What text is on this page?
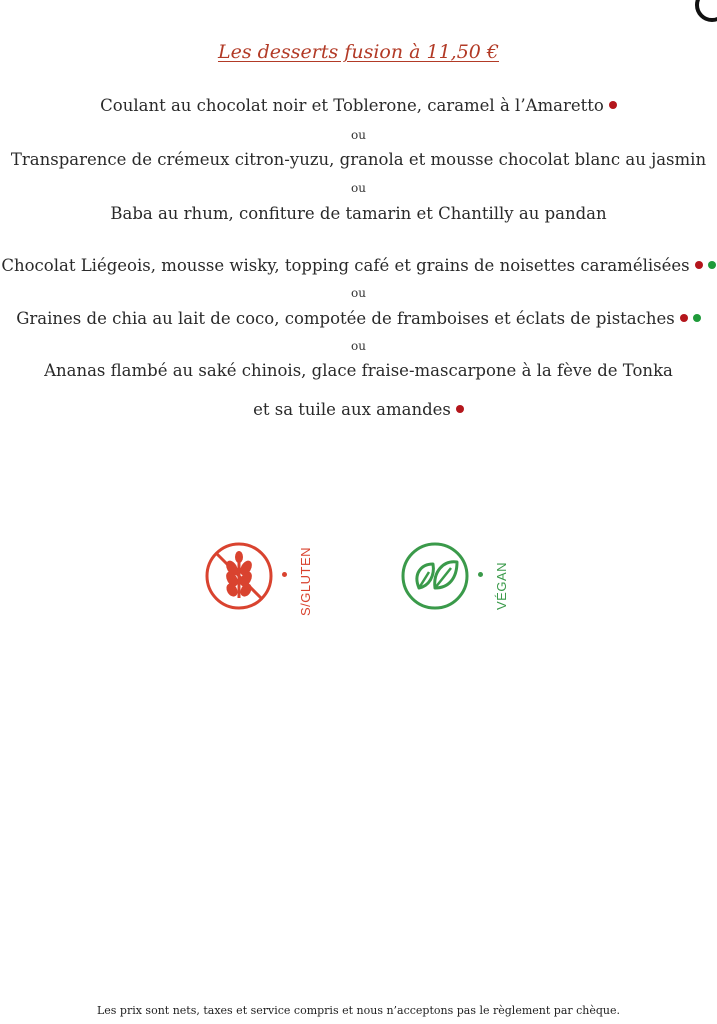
Les desserts fusion à 11,50 €
Coulant au chocolat noir et Toblerone, caramel à l’Amaretto
ou
Transparence de crémeux citron-yuzu, granola et mousse chocolat blanc au jasmin
ou
Baba au rhum, confiture de tamarin et Chantilly au pandan
Chocolat Liégeois, mousse wisky, topping café et grains de noisettes caramélisées
ou
Graines de chia au lait de coco, compotée de framboises et éclats de pistaches
ou
Ananas flambé au saké chinois, glace fraise-mascarpone à la fève de Tonka
et sa tuile aux amandes
S/GLUTEN	VÉGAN
Les prix sont nets, taxes et service compris et nous n’acceptons pas le règlement par chèque.
